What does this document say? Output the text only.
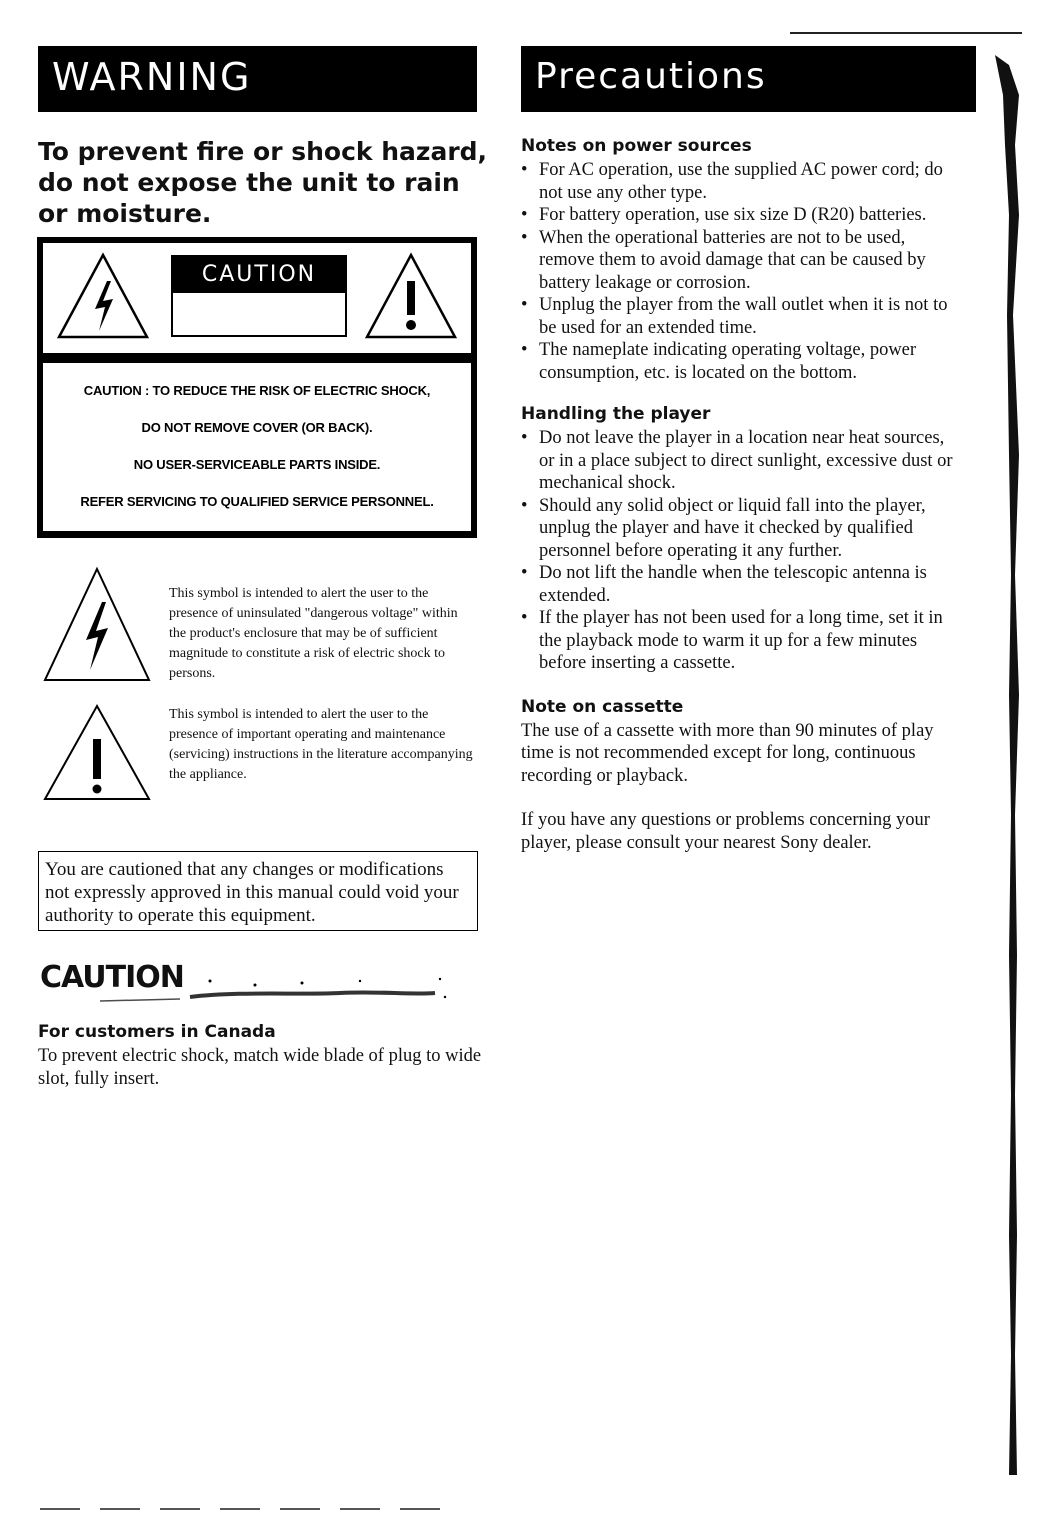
WARNING
To prevent fire or shock hazard, do not expose the unit to rain or moisture.
CAUTION
RISK OF ELECTRIC SHOCK
DO NOT OPEN
CAUTION : TO REDUCE THE RISK OF ELECTRIC SHOCK,
DO NOT REMOVE COVER (OR BACK).
NO USER-SERVICEABLE PARTS INSIDE.
REFER SERVICING TO QUALIFIED SERVICE PERSONNEL.
This symbol is intended to alert the user to the presence of uninsulated "dangerous voltage" within the product's enclosure that may be of sufficient magnitude to constitute a risk of electric shock to persons.
This symbol is intended to alert the user to the presence of important operating and maintenance (servicing) instructions in the literature accompanying the appliance.
You are cautioned that any changes or modifications not expressly approved in this manual could void your authority to operate this equipment.
CAUTION
For customers in Canada
To prevent electric shock, match wide blade of plug to wide slot, fully insert.
Precautions
Notes on power sources
• For AC operation, use the supplied AC power cord; do not use any other type.
• For battery operation, use six size D (R20) batteries.
• When the operational batteries are not to be used, remove them to avoid damage that can be caused by battery leakage or corrosion.
• Unplug the player from the wall outlet when it is not to be used for an extended time.
• The nameplate indicating operating voltage, power consumption, etc. is located on the bottom.
Handling the player
• Do not leave the player in a location near heat sources, or in a place subject to direct sunlight, excessive dust or mechanical shock.
• Should any solid object or liquid fall into the player, unplug the player and have it checked by qualified personnel before operating it any further.
• Do not lift the handle when the telescopic antenna is extended.
• If the player has not been used for a long time, set it in the playback mode to warm it up for a few minutes before inserting a cassette.
Note on cassette
The use of a cassette with more than 90 minutes of play time is not recommended except for long, continuous recording or playback.
If you have any questions or problems concerning your player, please consult your nearest Sony dealer.
